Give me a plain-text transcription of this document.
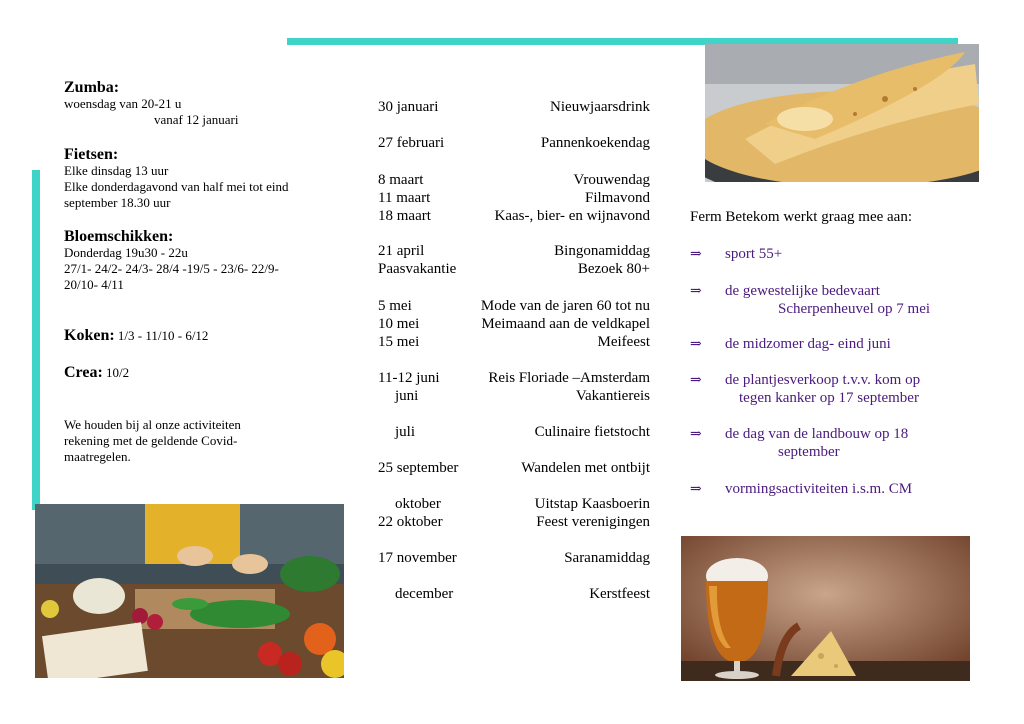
Zumba:
woensdag van 20-21 u
vanaf 12 januari
Fietsen:
Elke dinsdag 13 uur
Elke donderdagavond van half mei tot eind
september 18.30 uur
Bloemschikken:
Donderdag 19u30 - 22u
27/1- 24/2- 24/3- 28/4 -19/5 - 23/6- 22/9-
20/10- 4/11
Koken: 1/3 - 11/10 - 6/12
Crea: 10/2
We houden bij al onze activiteiten
rekening met de geldende Covid-
maatregelen.
30 januari	Nieuwjaarsdrink
27 februari	Pannenkoekendag
8 maart	Vrouwendag
11 maart	Filmavond
18 maart	Kaas-, bier- en wijnavond
21 april	Bingonamiddag
Paasvakantie	Bezoek 80+
5 mei	Mode van de jaren 60 tot nu
10 mei	Meimaand aan de veldkapel
15 mei	Meifeest
11-12 juni	Reis Floriade –Amsterdam
juni	Vakantiereis
juli	Culinaire fietstocht
25 september	Wandelen met ontbijt
oktober	Uitstap Kaasboerin
22 oktober	Feest verenigingen
17 november	Saranamiddag
december	Kerstfeest
Ferm Betekom werkt graag mee aan:
⇒ sport 55+
⇒ de gewestelijke bedevaart
Scherpenheuvel op 7 mei
⇒ de midzomer dag- eind juni
⇒ de plantjesverkoop t.v.v. kom op
tegen kanker op 17 september
⇒ de dag van de landbouw op 18
september
⇒ vormingsactiviteiten i.s.m. CM
